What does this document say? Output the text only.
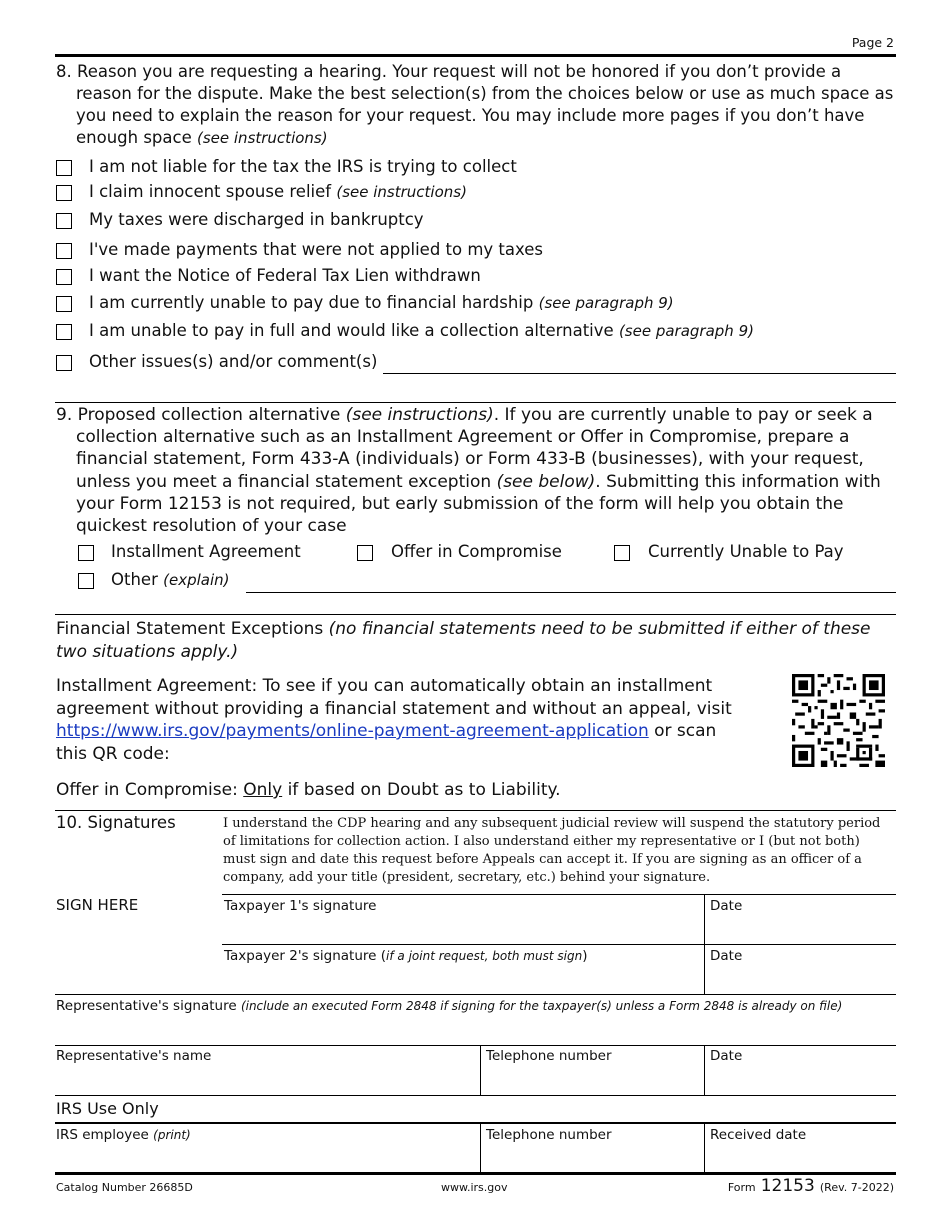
Page 2
8. Reason you are requesting a hearing. Your request will not be honored if you don’t provide a reason for the dispute. Make the best selection(s) from the choices below or use as much space as you need to explain the reason for your request. You may include more pages if you don’t have enough space (see instructions)
I am not liable for the tax the IRS is trying to collect
I claim innocent spouse relief (see instructions)
My taxes were discharged in bankruptcy
I've made payments that were not applied to my taxes
I want the Notice of Federal Tax Lien withdrawn
I am currently unable to pay due to financial hardship (see paragraph 9)
I am unable to pay in full and would like a collection alternative (see paragraph 9)
Other issues(s) and/or comment(s)
9. Proposed collection alternative (see instructions). If you are currently unable to pay or seek a collection alternative such as an Installment Agreement or Offer in Compromise, prepare a financial statement, Form 433-A (individuals) or Form 433-B (businesses), with your request, unless you meet a financial statement exception (see below). Submitting this information with your Form 12153 is not required, but early submission of the form will help you obtain the quickest resolution of your case
Installment Agreement	Offer in Compromise	Currently Unable to Pay
Other (explain)
Financial Statement Exceptions (no financial statements need to be submitted if either of these two situations apply.)
Installment Agreement: To see if you can automatically obtain an installment agreement without providing a financial statement and without an appeal, visit https://www.irs.gov/payments/online-payment-agreement-application or scan this QR code:
Offer in Compromise: Only if based on Doubt as to Liability.
10. Signatures	I understand the CDP hearing and any subsequent judicial review will suspend the statutory period of limitations for collection action. I also understand either my representative or I (but not both) must sign and date this request before Appeals can accept it. If you are signing as an officer of a company, add your title (president, secretary, etc.) behind your signature.
SIGN HERE	Taxpayer 1's signature	Date
Taxpayer 2's signature (if a joint request, both must sign)	Date
Representative's signature (include an executed Form 2848 if signing for the taxpayer(s) unless a Form 2848 is already on file)
Representative's name	Telephone number	Date
IRS Use Only
IRS employee (print)	Telephone number	Received date
Catalog Number 26685D	www.irs.gov	Form 12153 (Rev. 7-2022)
